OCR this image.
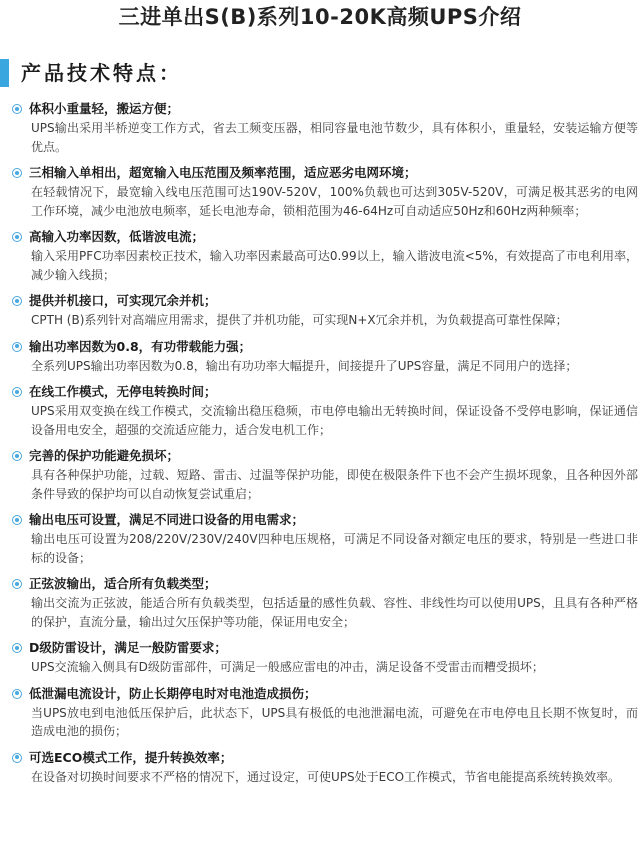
三进单出S(B)系列10-20K高频UPS介绍
产品技术特点：
体积小重量轻，搬运方便；
UPS输出采用半桥逆变工作方式，省去工频变压器，相同容量电池节数少，具有体积小，重量轻，安装运输方便等优点。
三相输入单相出，超宽输入电压范围及频率范围，适应恶劣电网环境；
在轻载情况下，最宽输入线电压范围可达190V-520V，100%负载也可达到305V-520V，可满足极其恶劣的电网工作环境，减少电池放电频率，延长电池寿命，锁相范围为46-64Hz可自动适应50Hz和60Hz两种频率；
高输入功率因数，低谐波电流；
输入采用PFC功率因素校正技术，输入功率因素最高可达0.99以上，输入谐波电流<5%，有效提高了市电利用率，减少输入线损；
提供并机接口，可实现冗余并机；
CPTH (B)系列针对高端应用需求，提供了并机功能，可实现N+X冗余并机，为负载提高可靠性保障；
输出功率因数为0.8，有功带载能力强；
全系列UPS输出功率因数为0.8，输出有功功率大幅提升，间接提升了UPS容量，满足不同用户的选择；
在线工作模式，无停电转换时间；
UPS采用双变换在线工作模式，交流输出稳压稳频，市电停电输出无转换时间，保证设备不受停电影响，保证通信设备用电安全，超强的交流适应能力，适合发电机工作；
完善的保护功能避免损坏；
具有各种保护功能，过载、短路、雷击、过温等保护功能，即使在极限条件下也不会产生损坏现象，且各种因外部条件导致的保护均可以自动恢复尝试重启；
输出电压可设置，满足不同进口设备的用电需求；
输出电压可设置为208/220V/230V/240V四种电压规格，可满足不同设备对额定电压的要求，特别是一些进口非标的设备；
正弦波输出，适合所有负载类型；
输出交流为正弦波，能适合所有负载类型，包括适量的感性负载、容性、非线性均可以使用UPS，且具有各种严格的保护，直流分量，输出过欠压保护等功能，保证用电安全；
D级防雷设计，满足一般防雷要求；
UPS交流输入侧具有D级防雷部件，可满足一般感应雷电的冲击，满足设备不受雷击而糟受损坏；
低泄漏电流设计，防止长期停电时对电池造成损伤；
当UPS放电到电池低压保护后，此状态下，UPS具有极低的电池泄漏电流，可避免在市电停电且长期不恢复时，而造成电池的损伤；
可选ECO模式工作，提升转换效率；
在设备对切换时间要求不严格的情况下，通过设定，可使UPS处于ECO工作模式，节省电能提高系统转换效率。
